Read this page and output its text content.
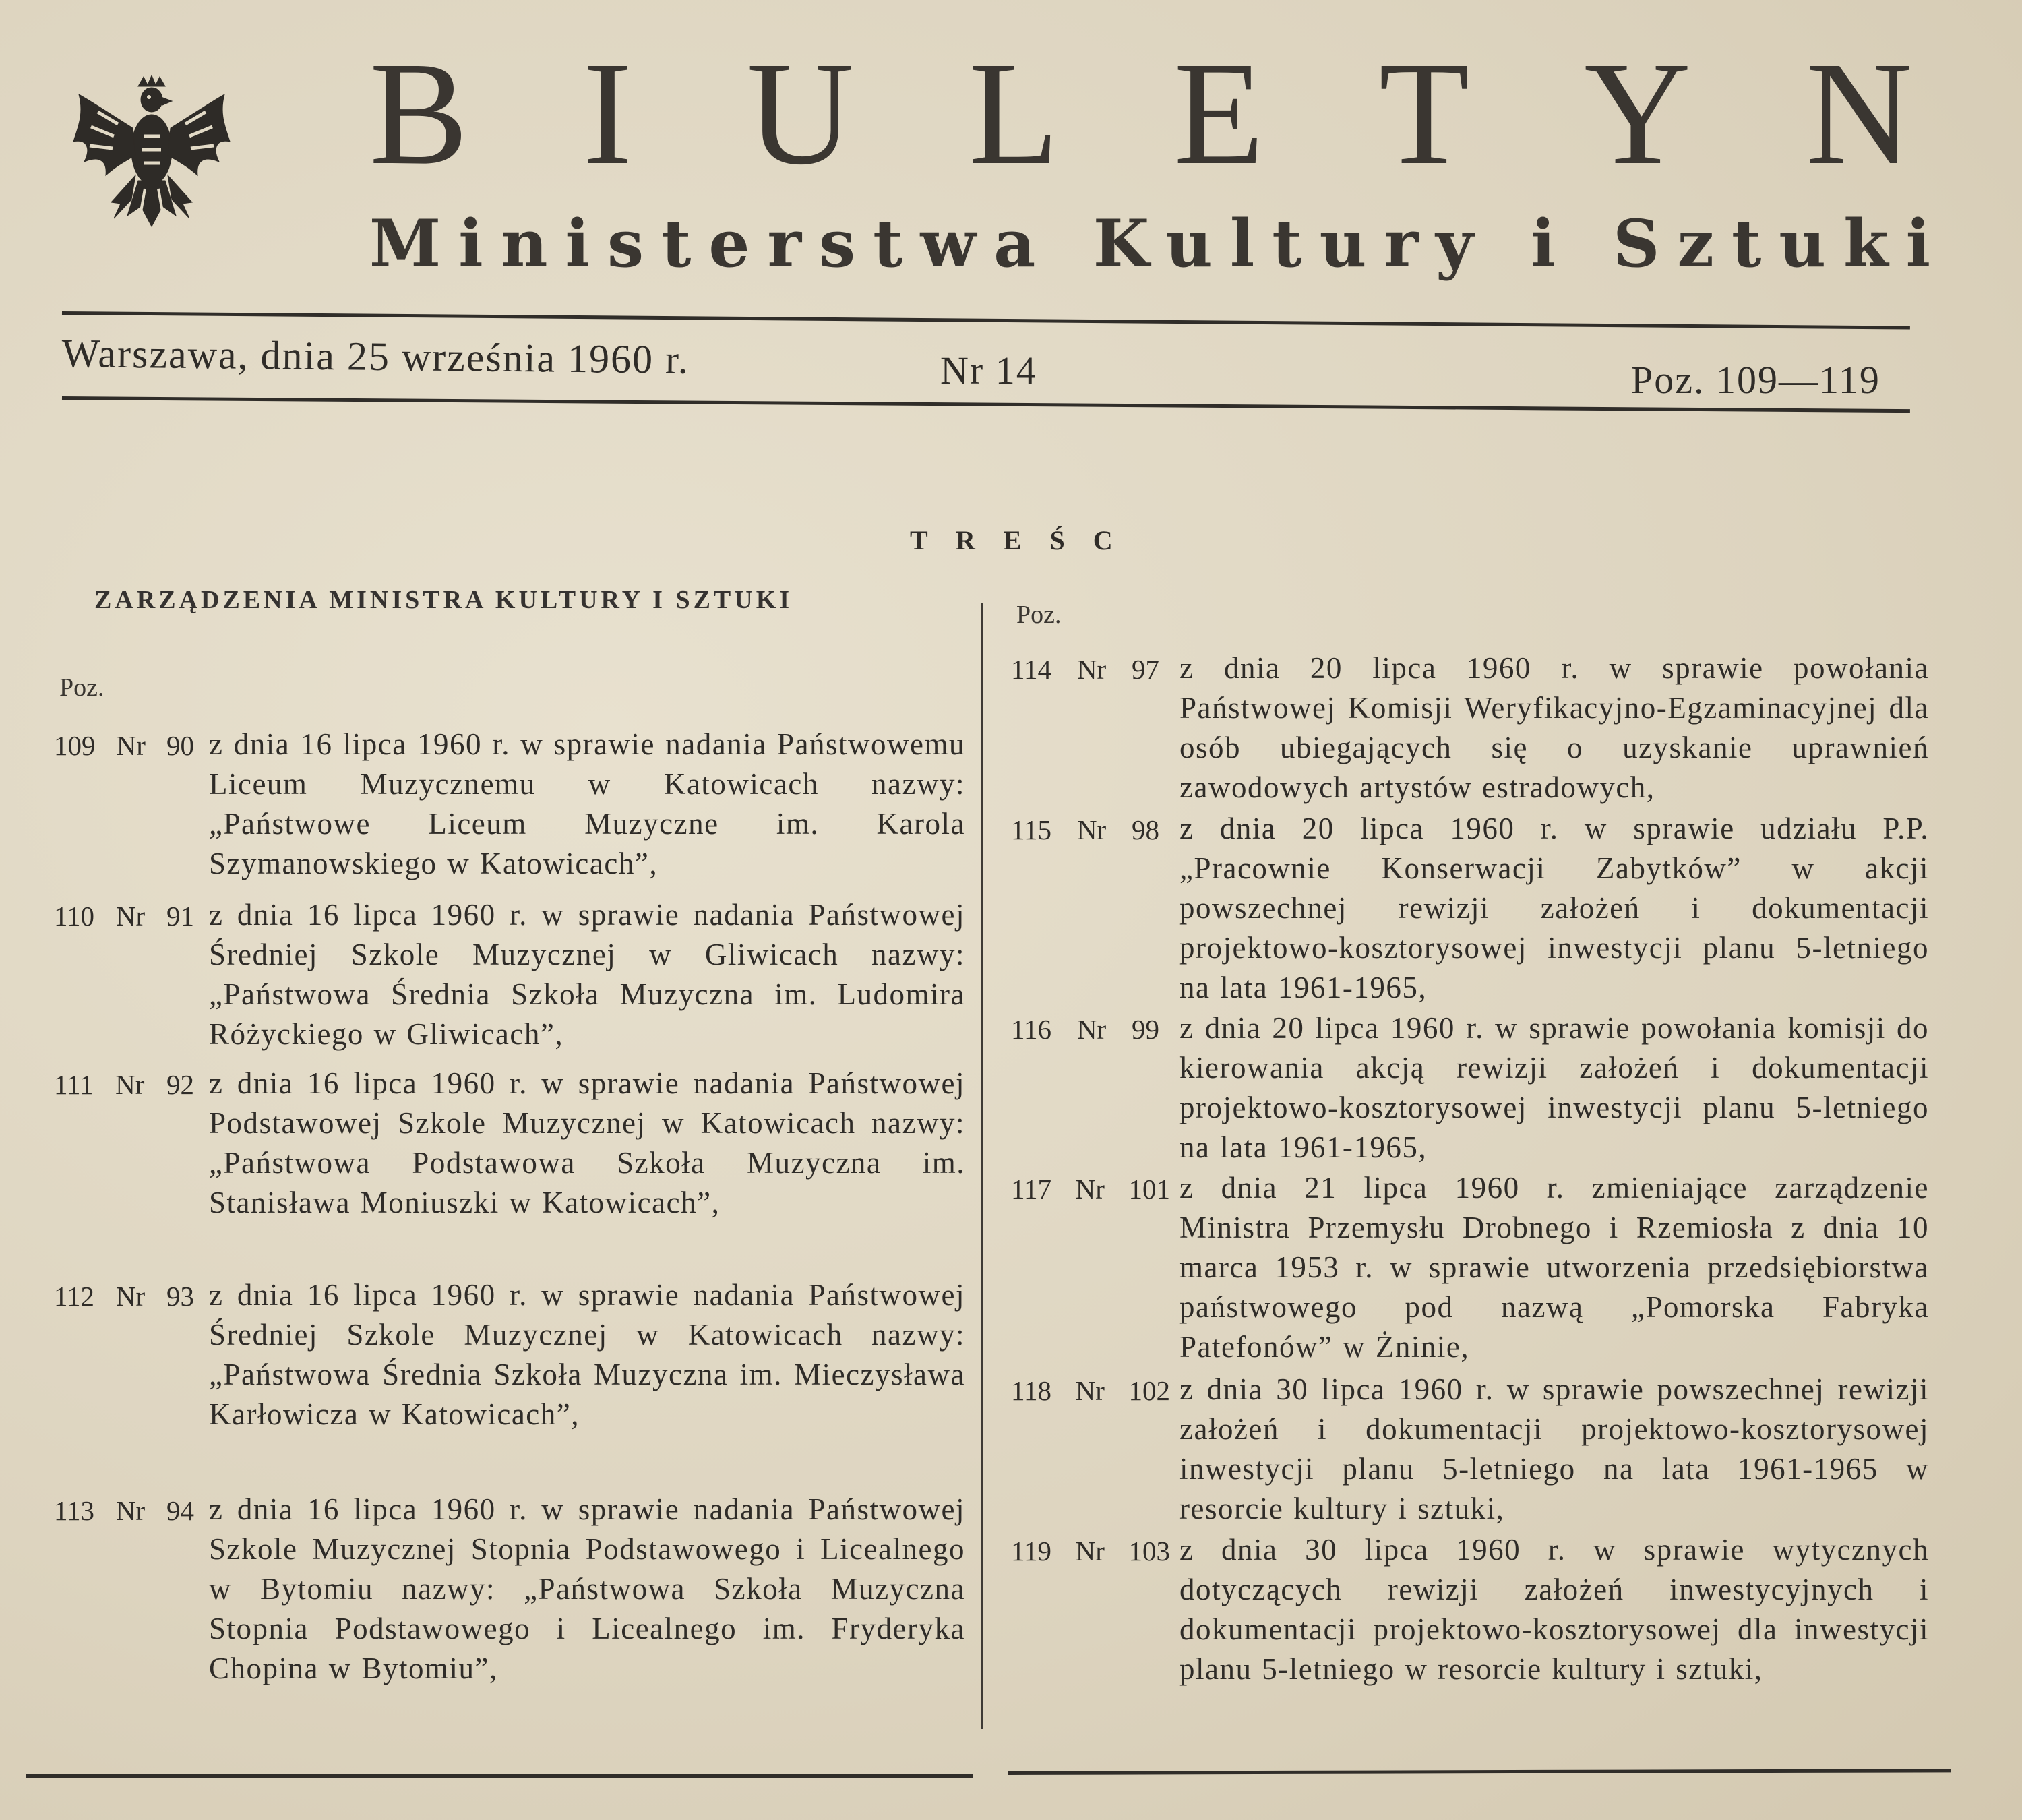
B I U L E T Y N
Ministerstwa Kultury i Sztuki
Warszawa, dnia 25 września 1960 r.	Nr 14	Poz. 109—119
T R E Ś C
ZARZĄDZENIA MINISTRA KULTURY I SZTUKI
Poz.
Poz.
109 Nr 90 z dnia 16 lipca 1960 r. w sprawie nadania Państwowemu Liceum Muzycznemu w Katowicach nazwy: „Państwowe Liceum Muzyczne im. Karola Szymanowskiego w Katowicach”,
110 Nr 91 z dnia 16 lipca 1960 r. w sprawie nadania Państwowej Średniej Szkole Muzycznej w Gliwicach nazwy: „Państwowa Średnia Szkoła Muzyczna im. Ludomira Różyckiego w Gliwicach”,
111 Nr 92 z dnia 16 lipca 1960 r. w sprawie nadania Państwowej Podstawowej Szkole Muzycznej w Katowicach nazwy: „Państwowa Podstawowa Szkoła Muzyczna im. Stanisława Moniuszki w Katowicach”,
112 Nr 93 z dnia 16 lipca 1960 r. w sprawie nadania Państwowej Średniej Szkole Muzycznej w Katowicach nazwy: „Państwowa Średnia Szkoła Muzyczna im. Mieczysława Karłowicza w Katowicach”,
113 Nr 94 z dnia 16 lipca 1960 r. w sprawie nadania Państwowej Szkole Muzycznej Stopnia Podstawowego i Licealnego w Bytomiu nazwy: „Państwowa Szkoła Muzyczna Stopnia Podstawowego i Licealnego im. Fryderyka Chopina w Bytomiu”,
114 Nr 97 z dnia 20 lipca 1960 r. w sprawie powołania Państwowej Komisji Weryfikacyjno-Egzaminacyjnej dla osób ubiegających się o uzyskanie uprawnień zawodowych artystów estradowych,
115 Nr 98 z dnia 20 lipca 1960 r. w sprawie udziału P.P. „Pracownie Konserwacji Zabytków” w akcji powszechnej rewizji założeń i dokumentacji projektowo-kosztorysowej inwestycji planu 5-letniego na lata 1961-1965,
116 Nr 99 z dnia 20 lipca 1960 r. w sprawie powołania komisji do kierowania akcją rewizji założeń i dokumentacji projektowo-kosztorysowej inwestycji planu 5-letniego na lata 1961-1965,
117 Nr 101 z dnia 21 lipca 1960 r. zmieniające zarządzenie Ministra Przemysłu Drobnego i Rzemiosła z dnia 10 marca 1953 r. w sprawie utworzenia przedsiębiorstwa państwowego pod nazwą „Pomorska Fabryka Patefonów” w Żninie,
118 Nr 102 z dnia 30 lipca 1960 r. w sprawie powszechnej rewizji założeń i dokumentacji projektowo-kosztorysowej inwestycji planu 5-letniego na lata 1961-1965 w resorcie kultury i sztuki,
119 Nr 103 z dnia 30 lipca 1960 r. w sprawie wytycznych dotyczących rewizji założeń inwestycyjnych i dokumentacji projektowo-kosztorysowej dla inwestycji planu 5-letniego w resorcie kultury i sztuki,
